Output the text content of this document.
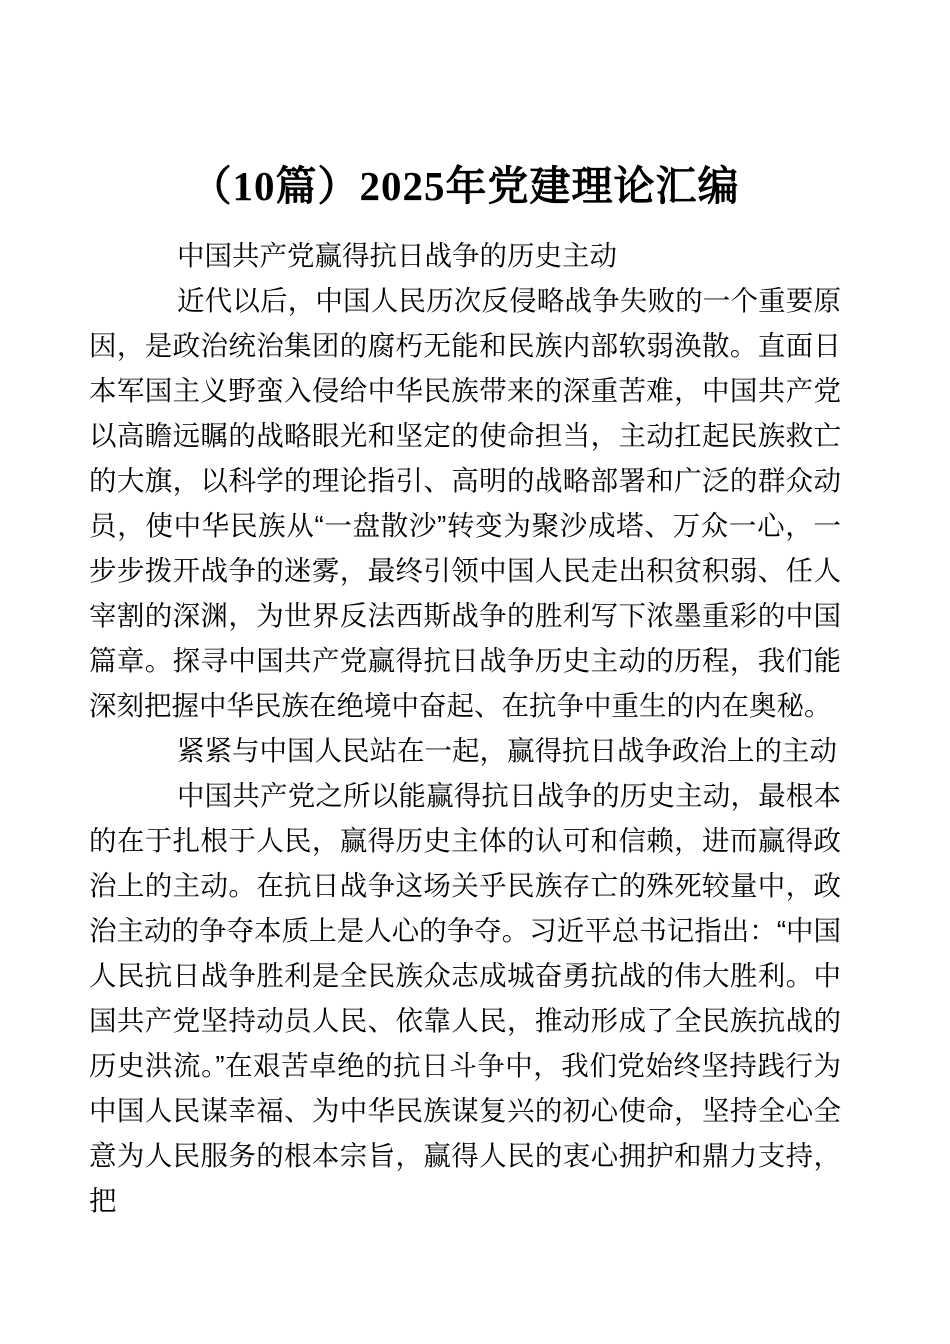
（10篇）2025年党建理论汇编

中国共产党赢得抗日战争的历史主动

近代以后，中国人民历次反侵略战争失败的一个重要原因，是政治统治集团的腐朽无能和民族内部软弱涣散。直面日本军国主义野蛮入侵给中华民族带来的深重苦难，中国共产党以高瞻远瞩的战略眼光和坚定的使命担当，主动扛起民族救亡的大旗，以科学的理论指引、高明的战略部署和广泛的群众动员，使中华民族从“一盘散沙”转变为聚沙成塔、万众一心，一步步拨开战争的迷雾，最终引领中国人民走出积贫积弱、任人宰割的深渊，为世界反法西斯战争的胜利写下浓墨重彩的中国篇章。探寻中国共产党赢得抗日战争历史主动的历程，我们能深刻把握中华民族在绝境中奋起、在抗争中重生的内在奥秘。

紧紧与中国人民站在一起，赢得抗日战争政治上的主动

中国共产党之所以能赢得抗日战争的历史主动，最根本的在于扎根于人民，赢得历史主体的认可和信赖，进而赢得政治上的主动。在抗日战争这场关乎民族存亡的殊死较量中，政治主动的争夺本质上是人心的争夺。习近平总书记指出：“中国人民抗日战争胜利是全民族众志成城奋勇抗战的伟大胜利。中国共产党坚持动员人民、依靠人民，推动形成了全民族抗战的历史洪流。”在艰苦卓绝的抗日斗争中，我们党始终坚持践行为中国人民谋幸福、为中华民族谋复兴的初心使命，坚持全心全意为人民服务的根本宗旨，赢得人民的衷心拥护和鼎力支持，把
